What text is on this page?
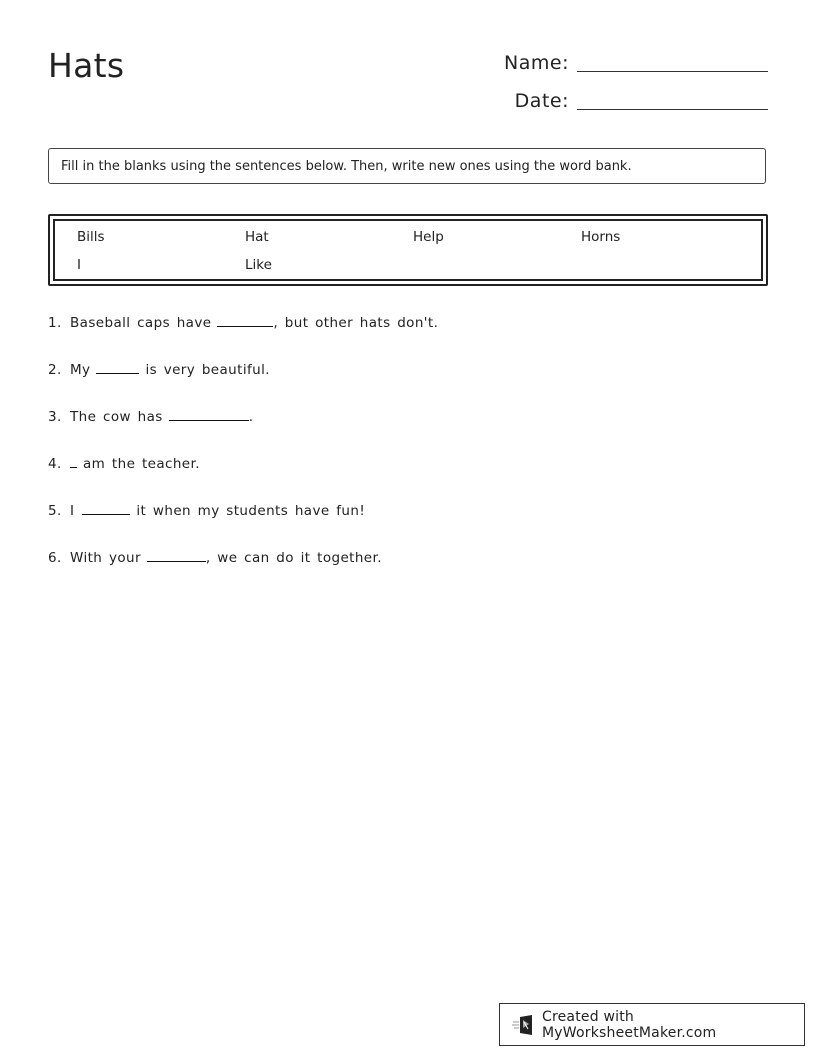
Hats	Name:
Date:
Fill in the blanks using the sentences below. Then, write new ones using the word bank.
Bills	Hat	Help	Horns
I	Like
1. Baseball caps have	, but other hats don't.
2. My	is very beautiful.
3. The cow has	.
4. am the teacher.
5. I	it when my students have fun!
6. With your	, we can do it together.
Created with MyWorksheetMaker.com
